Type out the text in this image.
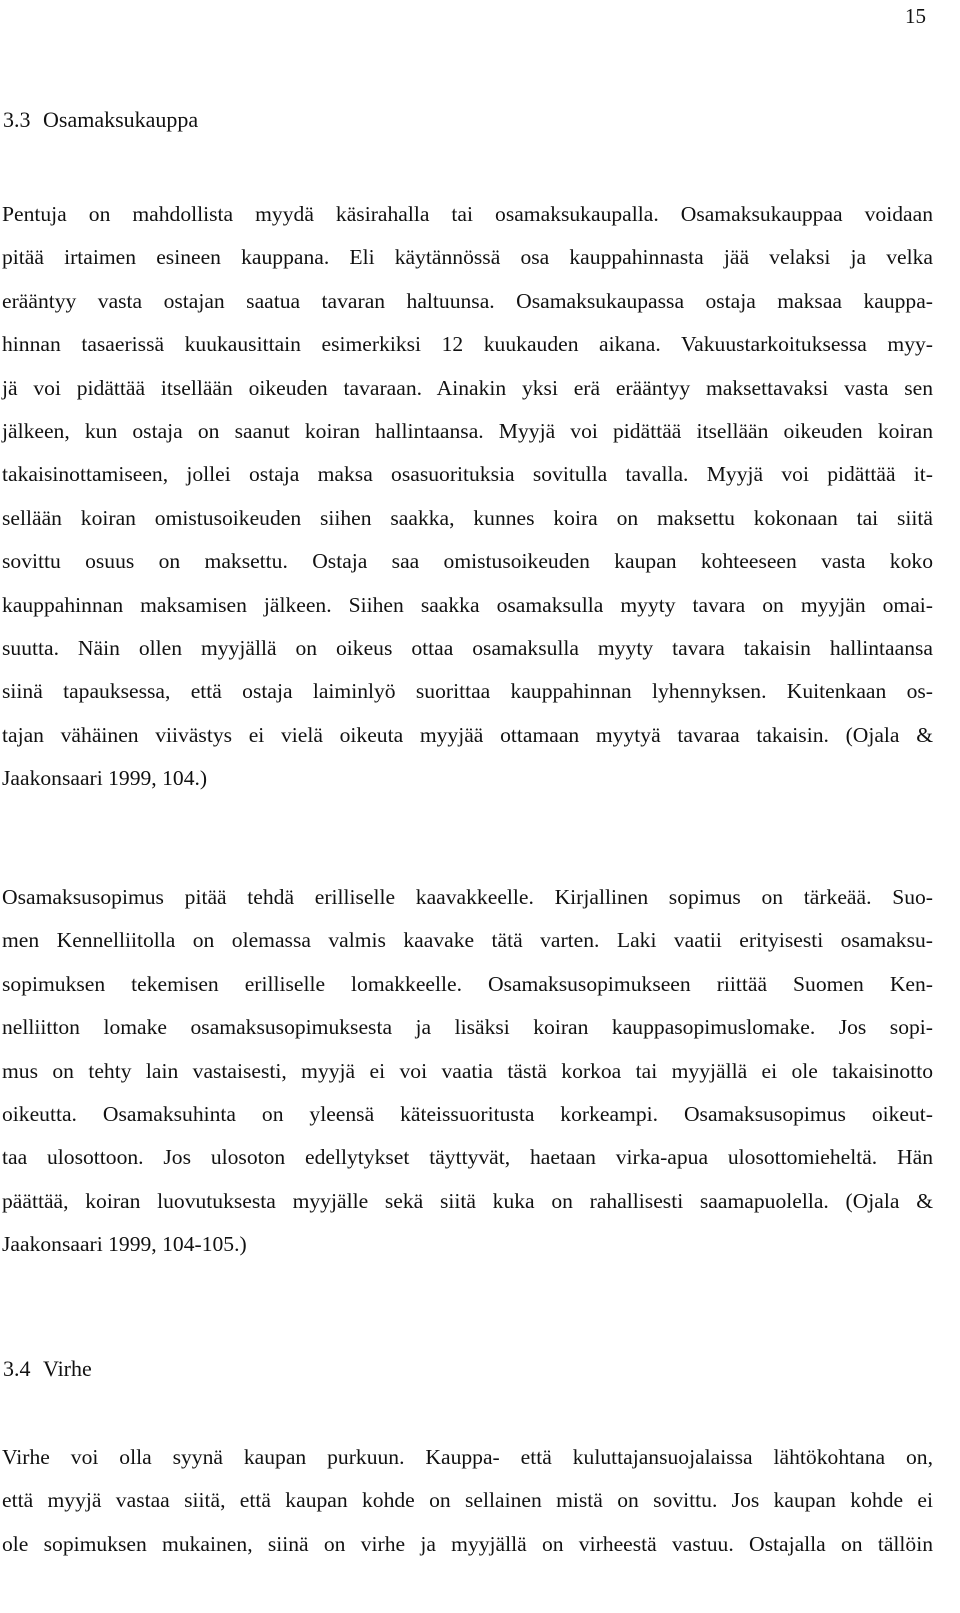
15
3.3 Osamaksukauppa
Pentuja on mahdollista myydä käsirahalla tai osamaksukaupalla. Osamaksukauppaa voidaan
pitää irtaimen esineen kauppana. Eli käytännössä osa kauppahinnasta jää velaksi ja velka
erääntyy vasta ostajan saatua tavaran haltuunsa. Osamaksukaupassa ostaja maksaa kauppa-
hinnan tasaerissä kuukausittain esimerkiksi 12 kuukauden aikana. Vakuustarkoituksessa myy-
jä voi pidättää itsellään oikeuden tavaraan. Ainakin yksi erä erääntyy maksettavaksi vasta sen
jälkeen, kun ostaja on saanut koiran hallintaansa. Myyjä voi pidättää itsellään oikeuden koiran
takaisinottamiseen, jollei ostaja maksa osasuorituksia sovitulla tavalla. Myyjä voi pidättää it-
sellään koiran omistusoikeuden siihen saakka, kunnes koira on maksettu kokonaan tai siitä
sovittu osuus on maksettu. Ostaja saa omistusoikeuden kaupan kohteeseen vasta koko
kauppahinnan maksamisen jälkeen. Siihen saakka osamaksulla myyty tavara on myyjän omai-
suutta. Näin ollen myyjällä on oikeus ottaa osamaksulla myyty tavara takaisin hallintaansa
siinä tapauksessa, että ostaja laiminlyö suorittaa kauppahinnan lyhennyksen. Kuitenkaan os-
tajan vähäinen viivästys ei vielä oikeuta myyjää ottamaan myytyä tavaraa takaisin. (Ojala &
Jaakonsaari 1999, 104.)
Osamaksusopimus pitää tehdä erilliselle kaavakkeelle. Kirjallinen sopimus on tärkeää. Suo-
men Kennelliitolla on olemassa valmis kaavake tätä varten. Laki vaatii erityisesti osamaksu-
sopimuksen tekemisen erilliselle lomakkeelle. Osamaksusopimukseen riittää Suomen Ken-
nelliitton lomake osamaksusopimuksesta ja lisäksi koiran kauppasopimuslomake. Jos sopi-
mus on tehty lain vastaisesti, myyjä ei voi vaatia tästä korkoa tai myyjällä ei ole takaisinotto
oikeutta. Osamaksuhinta on yleensä käteissuoritusta korkeampi. Osamaksusopimus oikeut-
taa ulosottoon. Jos ulosoton edellytykset täyttyvät, haetaan virka-apua ulosottomieheltä. Hän
päättää, koiran luovutuksesta myyjälle sekä siitä kuka on rahallisesti saamapuolella. (Ojala &
Jaakonsaari 1999, 104-105.)
3.4 Virhe
Virhe voi olla syynä kaupan purkuun. Kauppa- että kuluttajansuojalaissa lähtökohtana on,
että myyjä vastaa siitä, että kaupan kohde on sellainen mistä on sovittu. Jos kaupan kohde ei
ole sopimuksen mukainen, siinä on virhe ja myyjällä on virheestä vastuu. Ostajalla on tällöin
